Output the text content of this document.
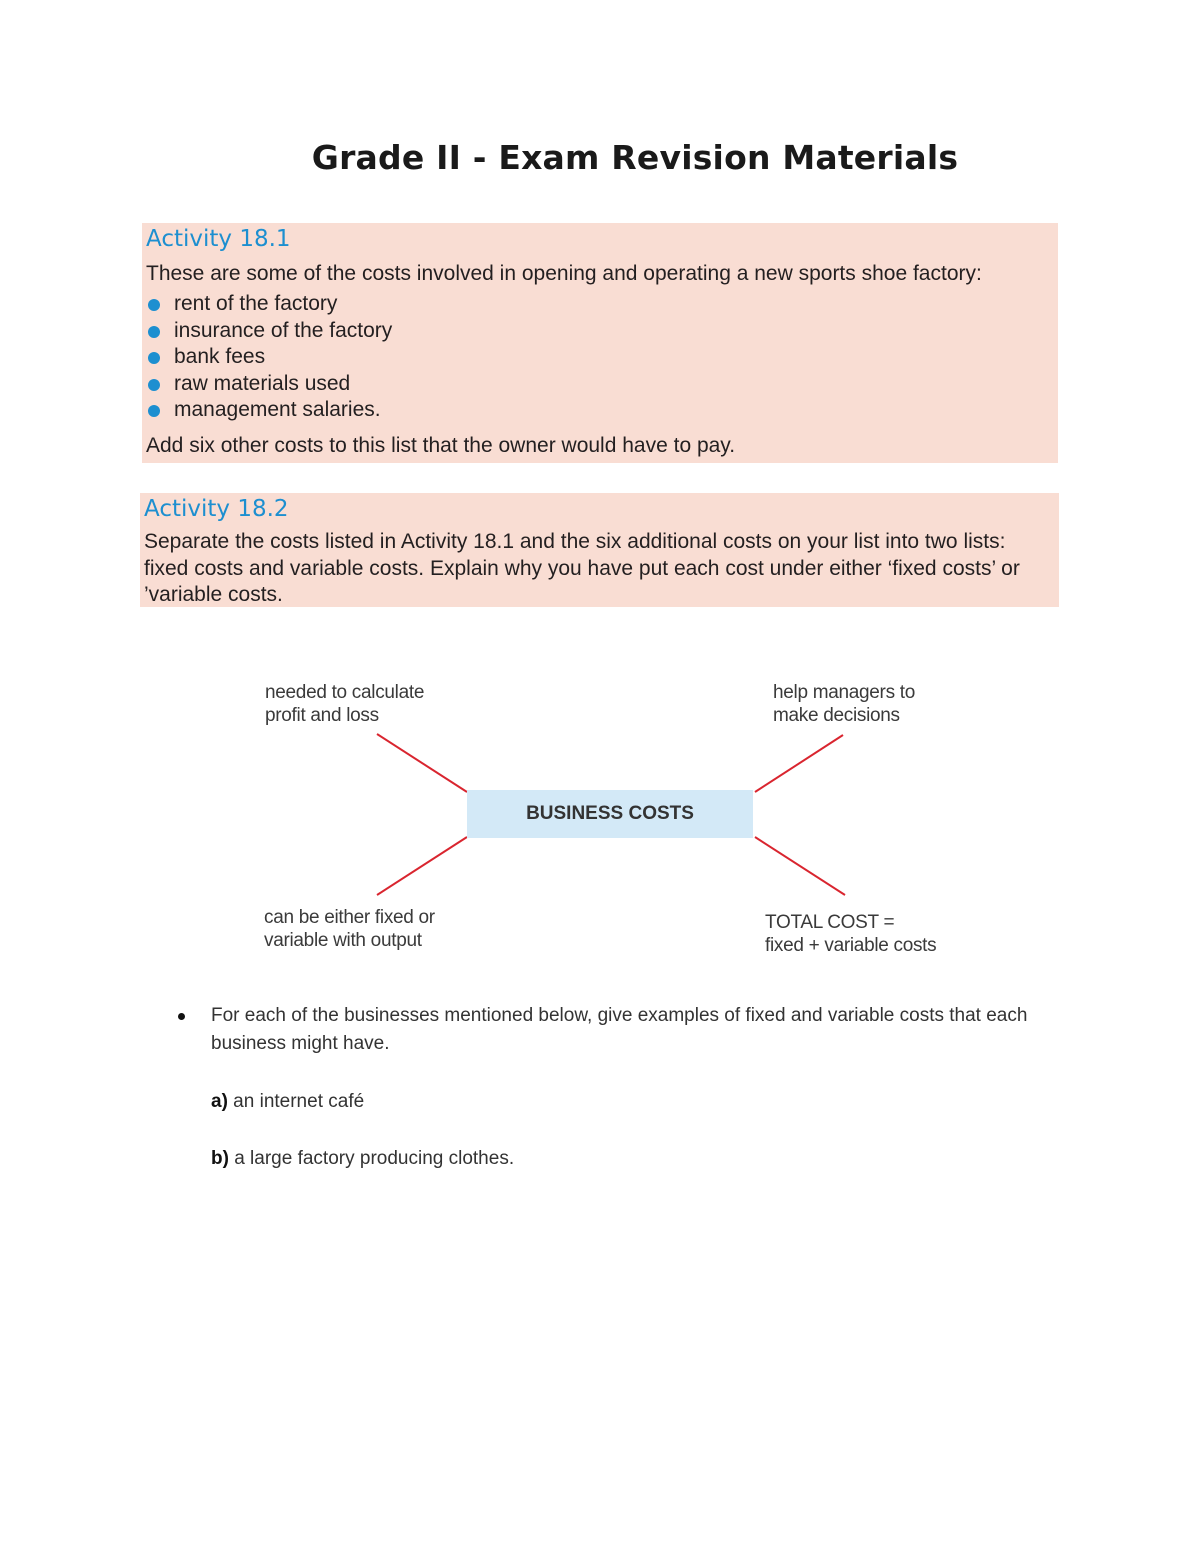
Grade II - Exam Revision Materials
Activity 18.1

These are some of the costs involved in opening and operating a new sports shoe factory:

rent of the factory
insurance of the factory
bank fees
raw materials used
management salaries.

Add six other costs to this list that the owner would have to pay.

Activity 18.2

Separate the costs listed in Activity 18.1 and the six additional costs on your list into two lists: fixed costs and variable costs. Explain why you have put each cost under either ‘fixed costs’ or ’variable costs.

BUSINESS COSTS
needed to calculate
profit and loss
help managers to
make decisions
can be either fixed or
variable with output
TOTAL COST =
fixed + variable costs
For each of the businesses mentioned below, give examples of fixed and variable costs that each business might have.
a) an internet café
b) a large factory producing clothes.
